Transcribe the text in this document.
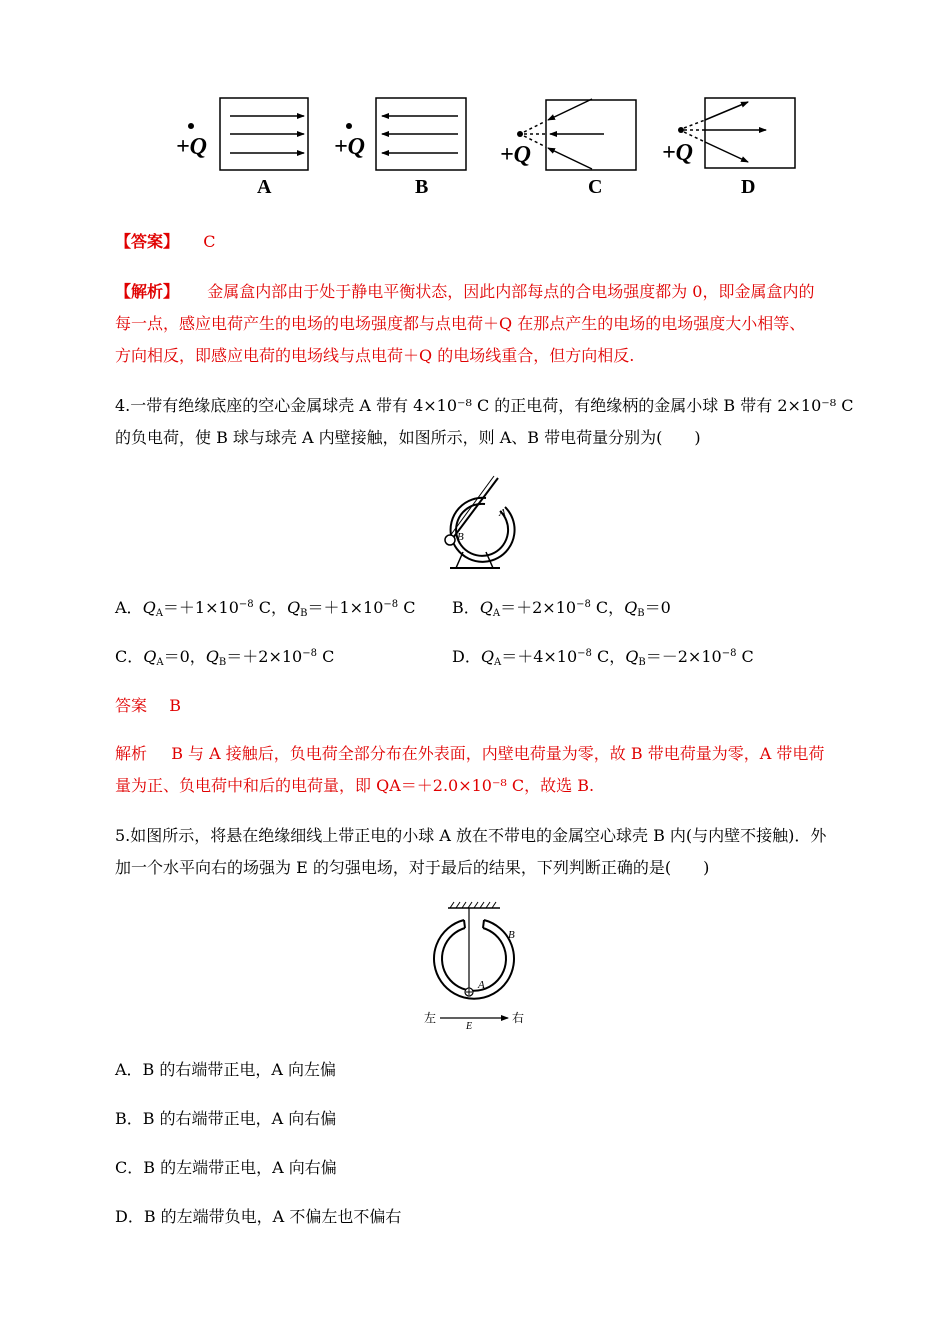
+Q
A
+Q
B
+Q
C
+Q
D
【答案】 C
【解析】 金属盒内部由于处于静电平衡状态，因此内部每点的合电场强度都为 0，即金属盒内的
每一点，感应电荷产生的电场的电场强度都与点电荷＋Q 在那点产生的电场的电场强度大小相等、
方向相反，即感应电荷的电场线与点电荷＋Q 的电场线重合，但方向相反.
4.一带有绝缘底座的空心金属球壳 A 带有 4×10⁻⁸ C 的正电荷，有绝缘柄的金属小球 B 带有 2×10⁻⁸ C
的负电荷，使 B 球与球壳 A 内壁接触，如图所示，则 A、B 带电荷量分别为(　　)
A
B
A．$Q_A=+1\times 10^{-8}$ C，$Q_B=+1\times 10^{-8}$ C B．$Q_A=+2\times 10^{-8}$ C，$Q_B=0$
C．$Q_A=0$，$Q_B=+2\times 10^{-8}$ C	D．$Q_A=+4\times 10^{-8}$ C，$Q_B=-2\times 10^{-8}$ C
答案 B
解析 B 与 A 接触后，负电荷全部分布在外表面，内壁电荷量为零，故 B 带电荷量为零，A 带电荷
量为正、负电荷中和后的电荷量，即 QA＝＋2.0×10⁻⁸ C，故选 B.
5.如图所示，将悬在绝缘细线上带正电的小球 A 放在不带电的金属空心球壳 B 内(与内壁不接触)．外
加一个水平向右的场强为 E 的匀强电场，对于最后的结果，下列判断正确的是(　　)
B
A
左
E
右
A．B 的右端带正电，A 向左偏
B．B 的右端带正电，A 向右偏
C．B 的左端带正电，A 向右偏
D．B 的左端带负电，A 不偏左也不偏右
